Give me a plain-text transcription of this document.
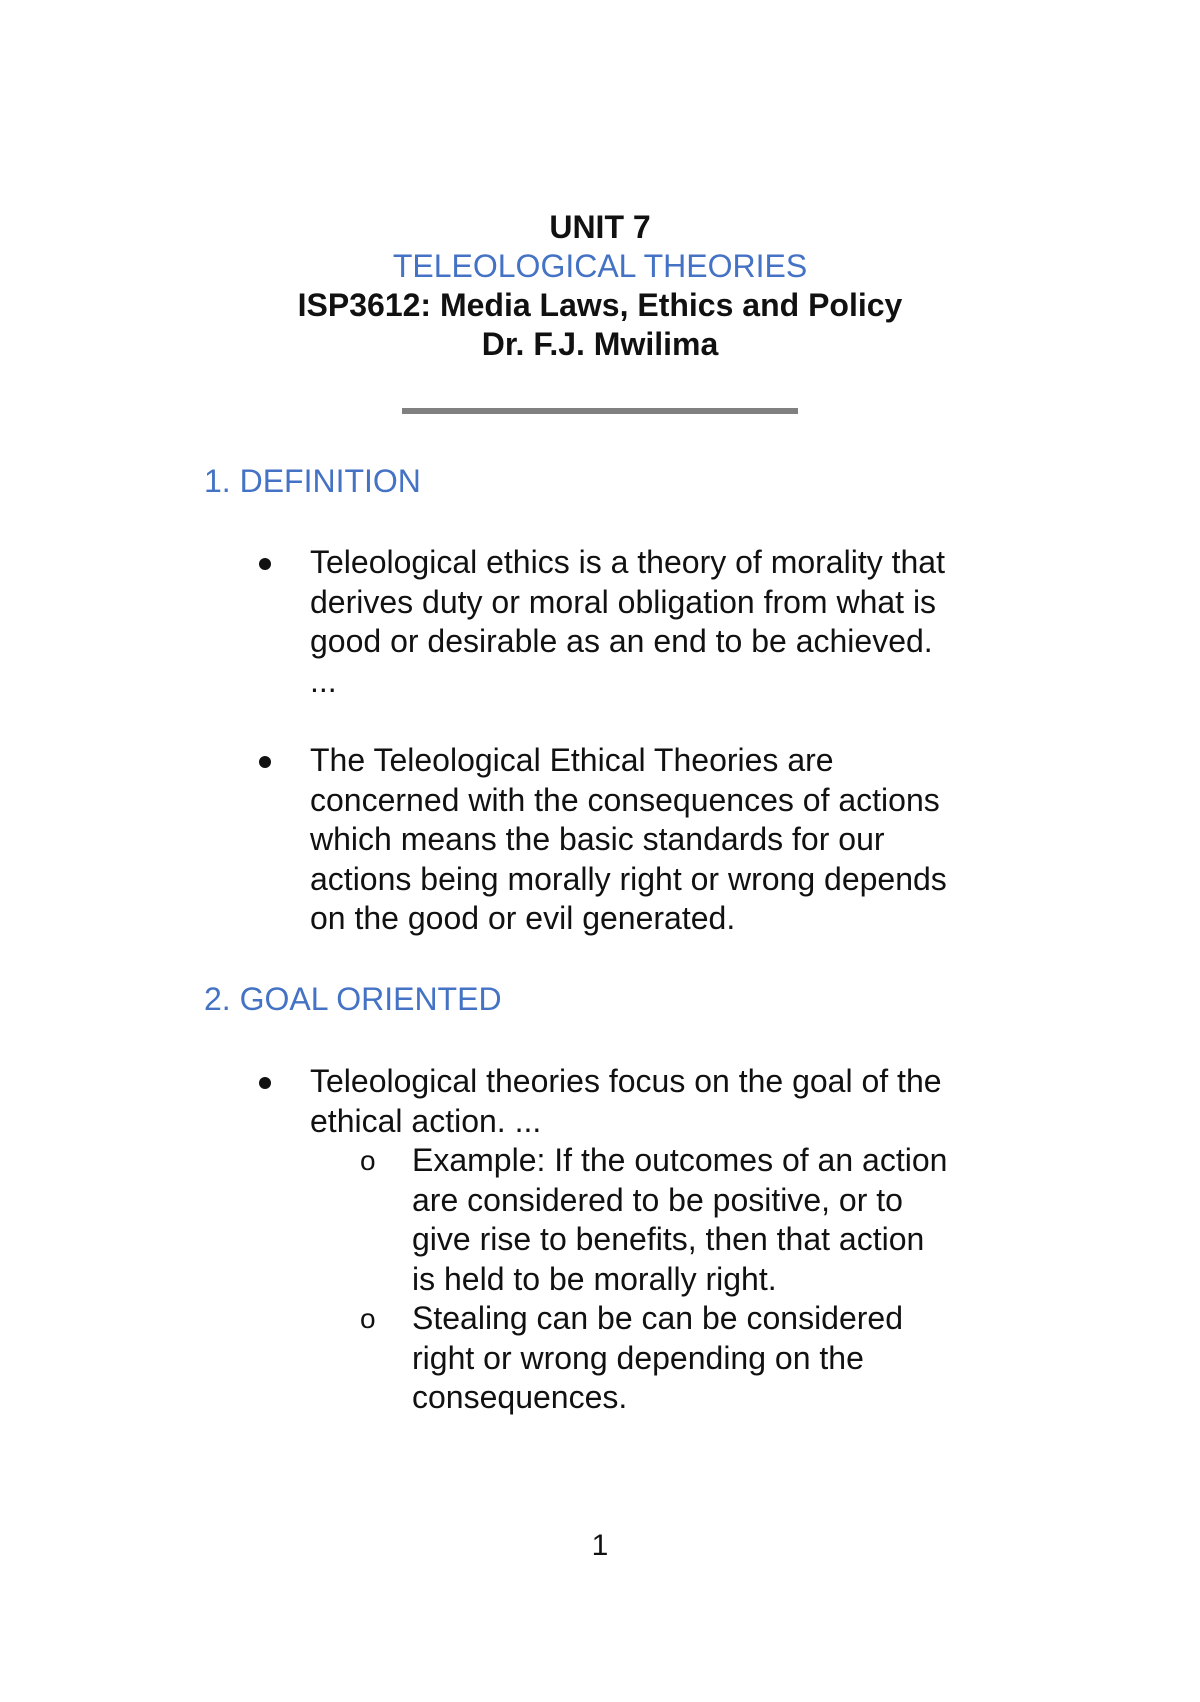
UNIT 7

TELEOLOGICAL THEORIES

ISP3612: Media Laws, Ethics and Policy

Dr. F.J. Mwilima

1. DEFINITION
Teleological ethics is a theory of morality that
derives duty or moral obligation from what is
good or desirable as an end to be achieved.
...
The Teleological Ethical Theories are
concerned with the consequences of actions
which means the basic standards for our
actions being morally right or wrong depends
on the good or evil generated.
2. GOAL ORIENTED
Teleological theories focus on the goal of the
ethical action. ...
o Example: If the outcomes of an action
are considered to be positive, or to
give rise to benefits, then that action
is held to be morally right.
o Stealing can be can be considered
right or wrong depending on the
consequences.
1
